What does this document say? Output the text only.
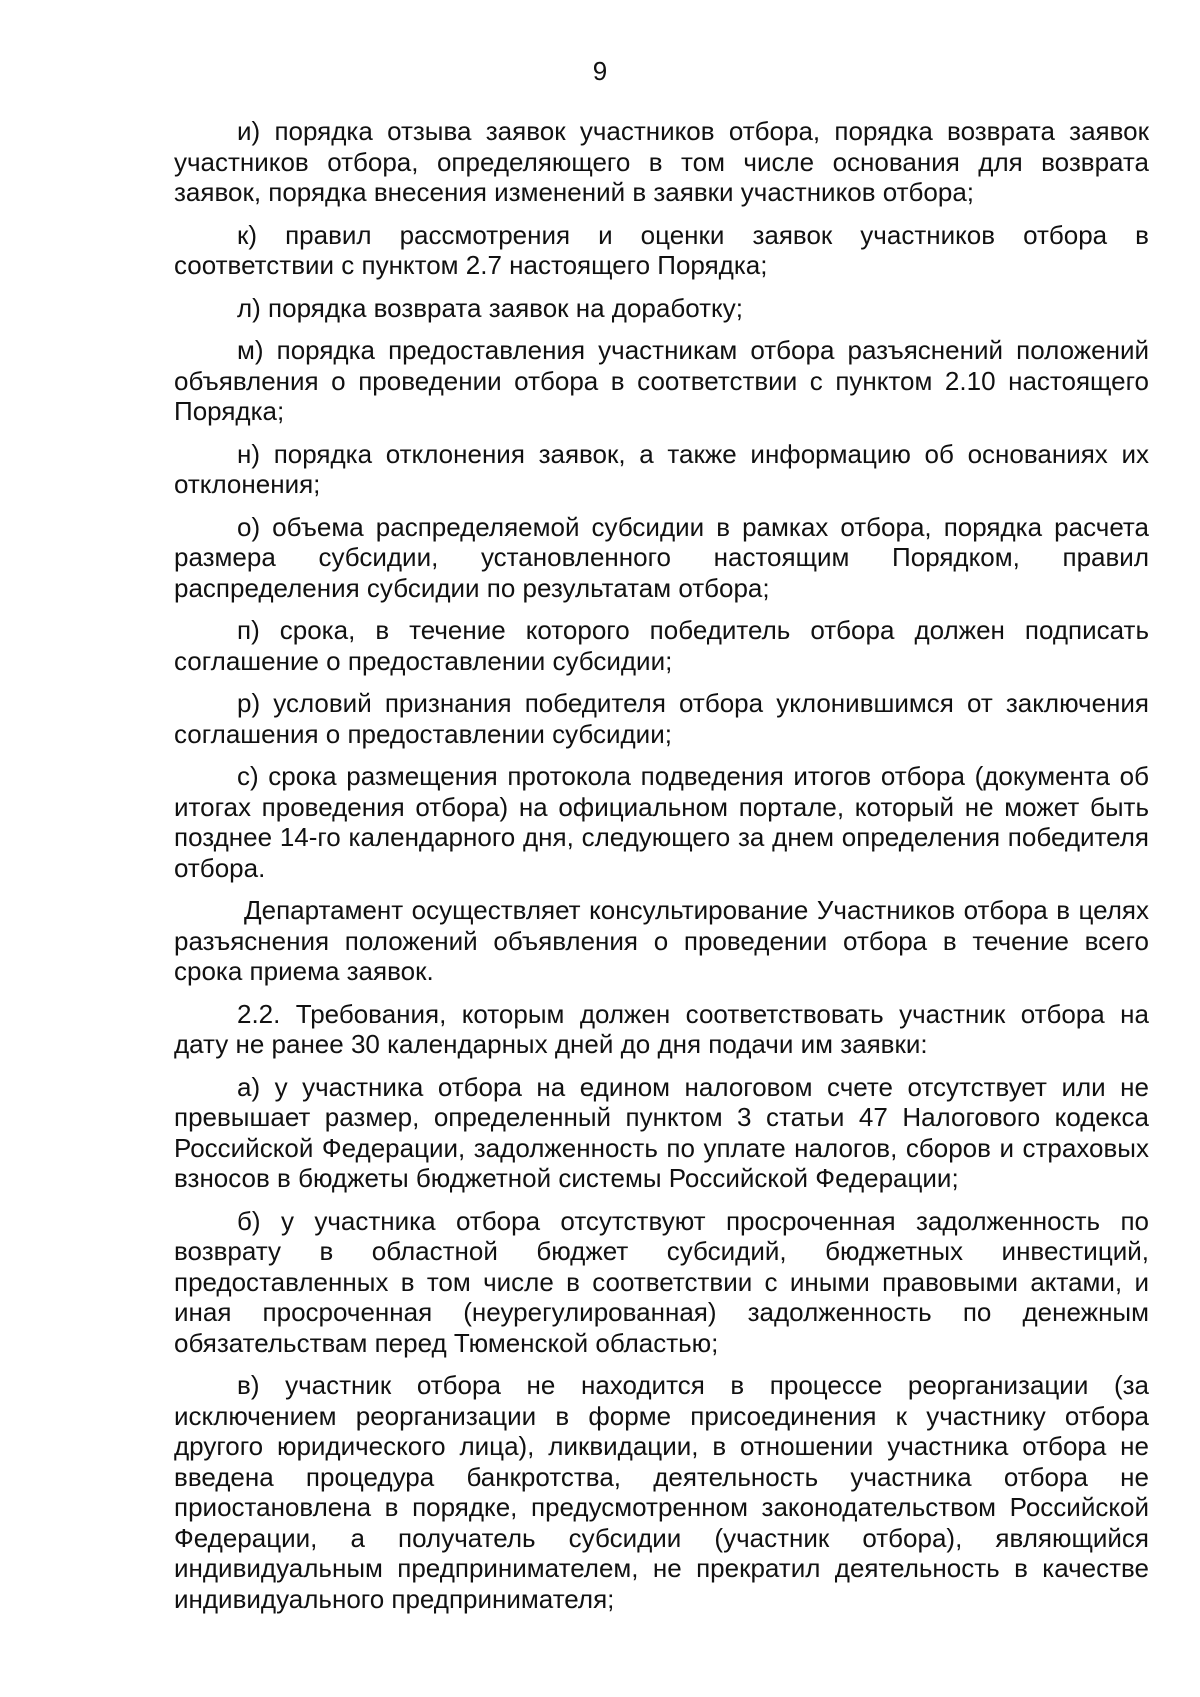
9

и) порядка отзыва заявок участников отбора, порядка возврата заявок участников отбора, определяющего в том числе основания для возврата заявок, порядка внесения изменений в заявки участников отбора;

к) правил рассмотрения и оценки заявок участников отбора в соответствии с пунктом 2.7 настоящего Порядка;

л) порядка возврата заявок на доработку;

м) порядка предоставления участникам отбора разъяснений положений объявления о проведении отбора в соответствии с пунктом 2.10 настоящего Порядка;

н) порядка отклонения заявок, а также информацию об основаниях их отклонения;

о) объема распределяемой субсидии в рамках отбора, порядка расчета размера субсидии, установленного настоящим Порядком, правил распределения субсидии по результатам отбора;

п) срока, в течение которого победитель отбора должен подписать соглашение о предоставлении субсидии;

р) условий признания победителя отбора уклонившимся от заключения соглашения о предоставлении субсидии;

с) срока размещения протокола подведения итогов отбора (документа об итогах проведения отбора) на официальном портале, который не может быть позднее 14-го календарного дня, следующего за днем определения победителя отбора.

Департамент осуществляет консультирование Участников отбора в целях разъяснения положений объявления о проведении отбора в течение всего срока приема заявок.

2.2. Требования, которым должен соответствовать участник отбора на дату не ранее 30 календарных дней до дня подачи им заявки:

а) у участника отбора на едином налоговом счете отсутствует или не превышает размер, определенный пунктом 3 статьи 47 Налогового кодекса Российской Федерации, задолженность по уплате налогов, сборов и страховых взносов в бюджеты бюджетной системы Российской Федерации;

б) у участника отбора отсутствуют просроченная задолженность по возврату в областной бюджет субсидий, бюджетных инвестиций, предоставленных в том числе в соответствии с иными правовыми актами, и иная просроченная (неурегулированная) задолженность по денежным обязательствам перед Тюменской областью;

в) участник отбора не находится в процессе реорганизации (за исключением реорганизации в форме присоединения к участнику отбора другого юридического лица), ликвидации, в отношении участника отбора не введена процедура банкротства, деятельность участника отбора не приостановлена в порядке, предусмотренном законодательством Российской Федерации, а получатель субсидии (участник отбора), являющийся индивидуальным предпринимателем, не прекратил деятельность в качестве индивидуального предпринимателя;
